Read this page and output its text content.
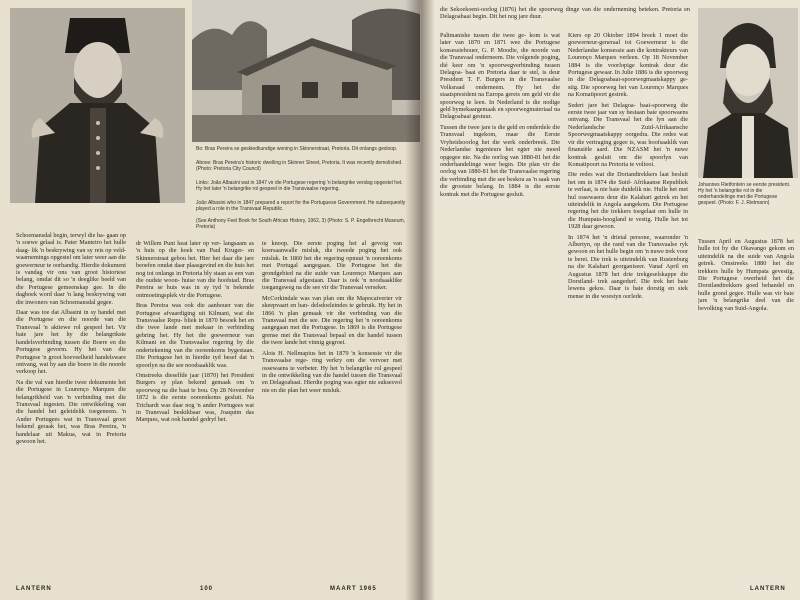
Bo: Bras Pereira se geskiedkundige woning in Skinnerstraat, Pretoria. Dit onlangs gesloop.
Above: Bras Pereira's historic dwelling in Skinner Street, Pretoria. It was recently demolished. (Photo: Pretoria City Council)
Links: João Albasini wat in 1847 vir die Portugese regering 'n belangrike verslag opgestel het. Hy het later 'n belangrike rol gespeel in die Transvaalse regering.
João Albasini who in 1847 prepared a report for the Portuguese Government. He subsequently played a role in the Transvaal Republic.
(See Anthony Feel Book for South African History, 1962, 3) (Photo: S. P. Engelbrecht Museum, Pretoria)

Schoemansdal begin, terwyl die ha- gaan op 'n soewe gelaal is. Pater Manteiro het hulle daag- lik 'n beskrywing van sy reis op veld- waarnemings opgestel om later weer aan die goewerneur te oorhandig. Hierdie dokument is vandag vir ons van groot historiese belang, omdat dit so 'n deeglike beeld van die Portugese gemeenskap gee. In die dagboek word daar 'n lang beskrywing van die inwoners van Schoemansdal gegee.

Daar was toe dat Albasini in sy handel met die Portugese en die noorde van die Transvaal 'n aktiewe rol gespeel het. Vir baie jare het hy die belangrikste handelsverbinding tussen die Boere en die Portugese gevorm. Hy het van die Portugese 'n groot hoeveelheid handelsware ontvang, wat hy aan die boere in die noorde verkoop het.

Na die val van hierdie twee dokumente het die Portugese in Lourenço Marques die belangrikheid van 'n verbinding met die Transvaal ingesien. Die ontwikkeling van die handel het geleidelik toegeneem. 'n Ander Portugees wat in Transvaal groot bekend geraak het, was Bras Pereira, 'n handelaar uit Makua, wat in Pretoria gewoon het.

dr Willem Punt heat later op ver- langsaam as 'n huis op die hoek van Paul Kruger- en Skinnerstraat gebou het. Hier het daar die jare beoefen omdat daar plaasgevind en die huis het nog tot onlangs in Pretoria bly staan as een van die oudste woon- huise van die hoofstad. Bras Pereira se huis was in sy tyd 'n bekende ontmoetingsplek vir die Portugese.

Bras Pereira was ook die aanhouer van die Portugese afvaardiging uit Kilmani, wat die Transvaalse Repu- bliek in 1870 besoek het en die twee lande met mekaar in verbinding gebring het. Hy het die goewerneur van Kilmani en die Transvaalse regering by die ondertekening van die ooreenkoms bygestaan. Die Portugese het in hierdie tyd besef dat 'n spoorlyn na die see noodsaaklik was.

Omstreeks dieselfde jaar (1870) het President Burgers sy plan bekend gemaak om 'n spoorweg na die baai te bou. Op 28 November 1872 is die eerste ooreenkoms gesluit. Na Trichardt was daar nog 'n ander Portugees wat in Transvaal beskikbaar was, Joaquim das Marques, wat ook handel gedryf het.

te knoop. Die eerste poging het al gevoig van koersaanwalle misluk, die tweede poging het ook misluk. In 1860 het die regering opnuut 'n ooreenkoms met Portugal aangegaan. Die Portugese het die grondgebied na die suide van Lourenço Marques aan die Transvaal afgestaan. Daar is ook 'n noodsaaklike toegangsweg na die see vir die Transvaal verseker.

McCorkindale was van plan om die Mapocatverier vir skeepvaart en han- delsdoeleindes te gebruik. Hy het in 1866 'n plan gemaak vir die verbinding van die Transvaal met die see. Die regering het 'n ooreenkoms aangegaan met die Portugese. In 1869 is die Portugese grense met die Transvaal bepaal en die handel tussen die twee lande het vinnig gegroei.

Alois H. Nellmapius het in 1879 'n konsessie vir die Transvaalse rege- ring verkry om die vervoer met ossewaens te verbeter. Hy het 'n belangrike rol gespeel in die ontwikkeling van die handel tussen die Transvaal en Delagoabaai. Hierdie poging was egter nie suksesvol nie en die plan het weer misluk.

LANTERN	100	MAART 1965

die Sekoekoeni-oorlog (1876) het die spoorweg dinge van die onderneming beteken. Pretoria en Delagoabaai begin. Dit het nog jare duur.

Paltmanishe tussen die twee ge- kom is wat later van 1870 en 1871 wee die Portugese konsessiehouer, G. P. Moodie, die noorde van die Transvaal onderneem. Die volgende poging, dié keer om 'n spoorwegverbinding tussen Delagoa- baai en Pretoria daar te stel, is deur President T. F. Burgers in die Transvaalse Volksraad onderneem. Hy het die staatspresident na Europa gereis om geld vir die spoorweg te leen. In Nederland is die nodige geld bymekaargemaak en spoorwegmateriaal na Delagoabaai gestuur.

Tussen die twee jare is die geld en onderdele die Transvaal ingekom, maar die Eerste Vryheidsoorlog het die werk onderbreek. Die Nederlandse ingenieurs het egter nie moed opgegee nie. Na die oorlog van 1880-81 het die onderhandelinge weer begin. Die plan vir die oorlog van 1880-81 het die Transvaalse regering die verbinding met die see beskou as 'n saak van die grootste belang. In 1884 is die eerste kontrak met die Portugese gesluit.

Kiers op 20 Oktober 1894 breek 1 moet die goewerneur-generaal tot Goewerneur is die Nederlandse konsessie aan die kontrakteurs van Lourenço Marques verleen. Op 18 November 1884 is die voorlopige kontrak deur die Portugese gewaar. In Julie 1886 is die spoorweg in die Delagoabaai-spoorwegmaatskappy ge- stig. Die spoorweg het van Lourenço Marques na Komatipoort gestrek.

Sedert jare het Delagoa- baai-spoorweg die eerste twee jaar van sy bestaan baie spoorwaens ontvang. Die Transvaal het die lyn aan die Nederlandsche Zuid-Afrikaansche Spoorwegmaatskappy oorgedra. Die redes wat vir die vertraging gegee is, was hoofsaaklik van finansiële aard. Die NZASM het 'n nuwe kontrak gesluit om die spoorlyn van Komatipoort na Pretoria te voltooi.

Die redes wat die Doriandtrekkers laat besluit het om in 1874 die Suid- Afrikaanse Republiek te verlaat, is nie baie duidelik nie. Hulle het met hul ossewaens deur die Kalahari getrek en het uiteindelik in Angola aangekom. Die Portugese regering het die trekkers toegelaat om hulle in die Humpata-hoogland te vestig. Hulle het tot 1928 daar gewoon.

In 1874 het 'n drietal persone, waaronder 'n Albertyn, op die rand van die Transvaalse ryk gewoon en het hulle begin om 'n nuwe trek voor te berei. Die trek is uiteindelik van Rustenburg na die Kalahari georganiseer. Vanaf April en Augustus 1878 het drie trekgeselskappe die Dorstland- trek aangedurf. Die trek het baie lewens gekos. Daar is baie dorstig en siek mense in die woestyn oorlede.

Johannes Rietfontein se eerste president. Hy het 'n belangrike rol in die onderhandelinge met die Portugese gespeel. (Photo: F. J. Rietmann)

Tussen April en Augustus 1878 het hulle tot by die Okavango gekom en uiteindelik na die suide van Angola getrek. Omstreeks 1880 het die trekkers hulle by Humpata gevestig. Die Portugese owerheid het die Dorstlandtrekkers goed behandel en hulle grond gegee. Hulle was vir baie jare 'n belangrike deel van die bevolking van Suid-Angola.

LANTERN
